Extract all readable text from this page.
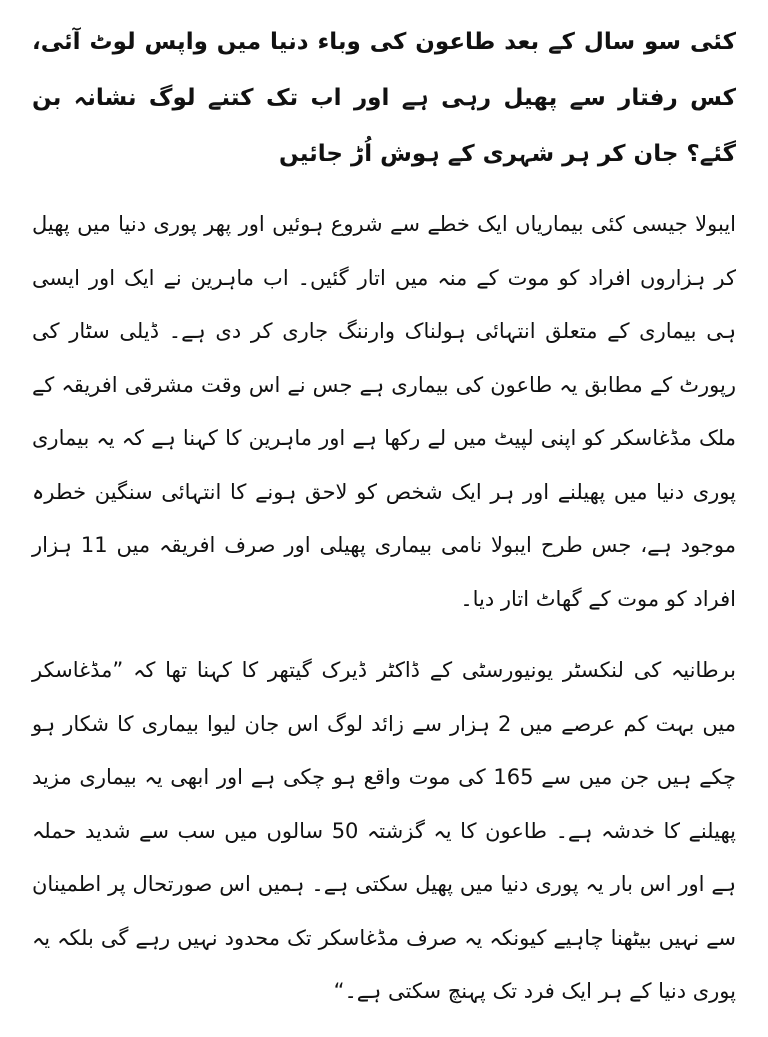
کئی سو سال کے بعد طاعون کی وباء دنیا میں واپس لوٹ آئی، کس رفتار سے پھیل رہی ہے اور اب تک کتنے لوگ نشانہ بن گئے؟ جان کر ہر شہری کے ہوش اُڑ جائیں

ایبولا جیسی کئی بیماریاں ایک خطے سے شروع ہوئیں اور پھر پوری دنیا میں پھیل کر ہزاروں افراد کو موت کے منہ میں اتار گئیں۔ اب ماہرین نے ایک اور ایسی ہی بیماری کے متعلق انتہائی ہولناک وارننگ جاری کر دی ہے۔ ڈیلی سٹار کی رپورٹ کے مطابق یہ طاعون کی بیماری ہے جس نے اس وقت مشرقی افریقہ کے ملک مڈغاسکر کو اپنی لپیٹ میں لے رکھا ہے اور ماہرین کا کہنا ہے کہ یہ بیماری پوری دنیا میں پھیلنے اور ہر ایک شخص کو لاحق ہونے کا انتہائی سنگین خطرہ موجود ہے، جس طرح ایبولا نامی بیماری پھیلی اور صرف افریقہ میں 11 ہزار افراد کو موت کے گھاٹ اتار دیا۔

برطانیہ کی لنکسٹر یونیورسٹی کے ڈاکٹر ڈیرک گیتھر کا کہنا تھا کہ ”مڈغاسکر میں بہت کم عرصے میں 2 ہزار سے زائد لوگ اس جان لیوا بیماری کا شکار ہو چکے ہیں جن میں سے 165 کی موت واقع ہو چکی ہے اور ابھی یہ بیماری مزید پھیلنے کا خدشہ ہے۔ طاعون کا یہ گزشتہ 50 سالوں میں سب سے شدید حملہ ہے اور اس بار یہ پوری دنیا میں پھیل سکتی ہے۔ ہمیں اس صورتحال پر اطمینان سے نہیں بیٹھنا چاہیے کیونکہ یہ صرف مڈغاسکر تک محدود نہیں رہے گی بلکہ یہ پوری دنیا کے ہر ایک فرد تک پہنچ سکتی ہے۔“
